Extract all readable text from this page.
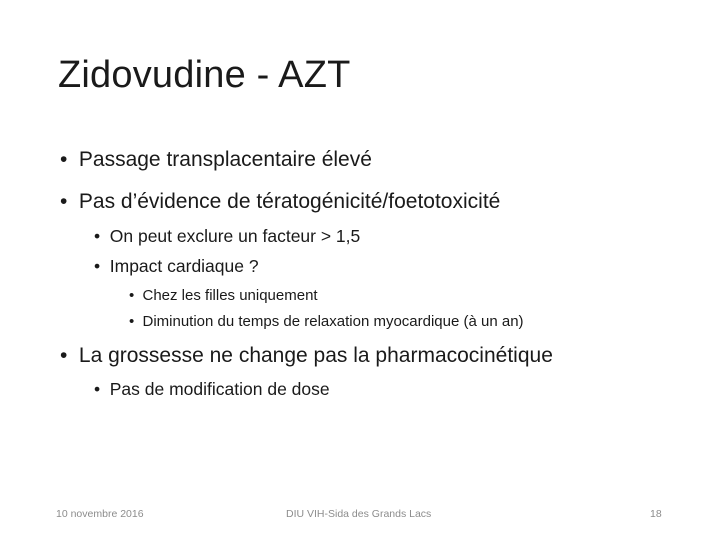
Zidovudine - AZT
• Passage transplacentaire élevé
• Pas d’évidence de tératogénicité/foetotoxicité
• On peut exclure un facteur > 1,5
• Impact cardiaque ?
• Chez les filles uniquement
• Diminution du temps de relaxation myocardique (à un an)
• La grossesse ne change pas la pharmacocinétique
• Pas de modification de dose
10 novembre 2016	DIU VIH-Sida des Grands Lacs	18
